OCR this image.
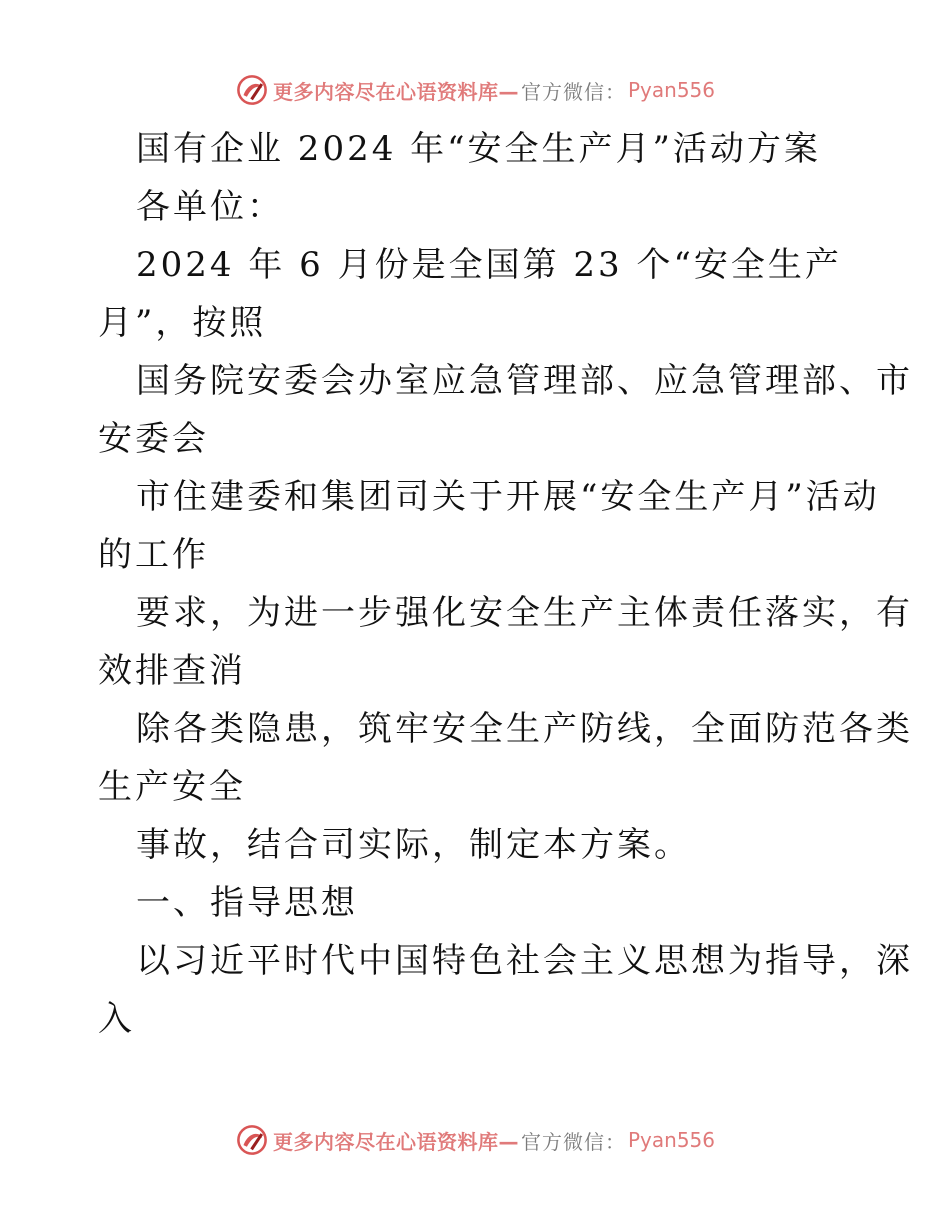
更多内容尽在心语资料库— 官方微信： Pyan556
国有企业 2024 年“安全生产月”活动方案
各单位：
2024 年 6 月份是全国第 23 个“安全生产
月”，按照
国务院安委会办室应急管理部、应急管理部、市
安委会
市住建委和集团司关于开展“安全生产月”活动
的工作
要求，为进一步强化安全生产主体责任落实，有
效排查消
除各类隐患，筑牢安全生产防线，全面防范各类
生产安全
事故，结合司实际，制定本方案。
一、指导思想
以习近平时代中国特色社会主义思想为指导，深
入
更多内容尽在心语资料库— 官方微信： Pyan556
